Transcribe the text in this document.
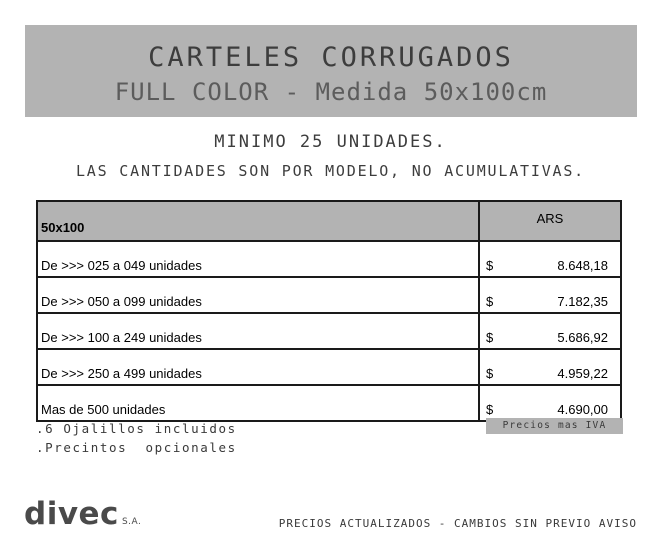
CARTELES CORRUGADOS
FULL COLOR - Medida 50x100cm
MINIMO 25 UNIDADES.
LAS CANTIDADES SON POR MODELO, NO ACUMULATIVAS.
50x100	ARS
De >>> 025 a 049 unidades	$ 8.648,18

De >>> 050 a 099 unidades	$ 7.182,35

De >>> 100 a 249 unidades	$ 5.686,92

De >>> 250 a 499 unidades	$ 4.959,22

Mas de 500 unidades	$ 4.690,00
.6 Ojalillos incluidos
.Precintos  opcionales
Precios mas IVA
divec S.A.	PRECIOS ACTUALIZADOS - CAMBIOS SIN PREVIO AVISO
